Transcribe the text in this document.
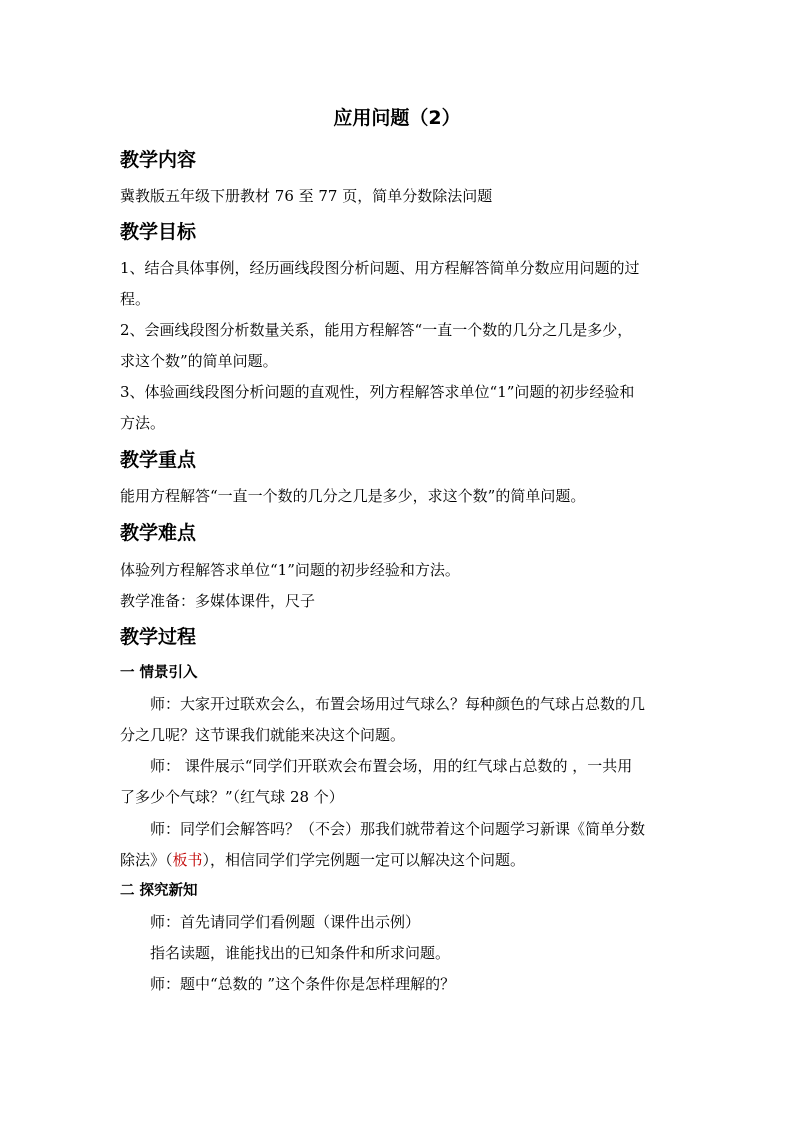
应用问题（2）
教学内容
冀教版五年级下册教材 76 至 77 页，简单分数除法问题
教学目标
1、结合具体事例，经历画线段图分析问题、用方程解答简单分数应用问题的过
程。
2、会画线段图分析数量关系，能用方程解答“一直一个数的几分之几是多少，
求这个数”的简单问题。
3、体验画线段图分析问题的直观性，列方程解答求单位“1”问题的初步经验和
方法。
教学重点
能用方程解答“一直一个数的几分之几是多少，求这个数”的简单问题。
教学难点
体验列方程解答求单位“1”问题的初步经验和方法。
教学准备：多媒体课件，尺子
教学过程
一 情景引入
师：大家开过联欢会么，布置会场用过气球么？每种颜色的气球占总数的几
分之几呢？这节课我们就能来决这个问题。
师： 课件展示“同学们开联欢会布置会场，用的红气球占总数的 ，一共用
了多少个气球？”（红气球 28 个）
师：同学们会解答吗？（不会）那我们就带着这个问题学习新课《简单分数
除法》（板书），相信同学们学完例题一定可以解决这个问题。
二 探究新知
师：首先请同学们看例题（课件出示例）
指名读题，谁能找出的已知条件和所求问题。
师：题中“总数的 ”这个条件你是怎样理解的？
